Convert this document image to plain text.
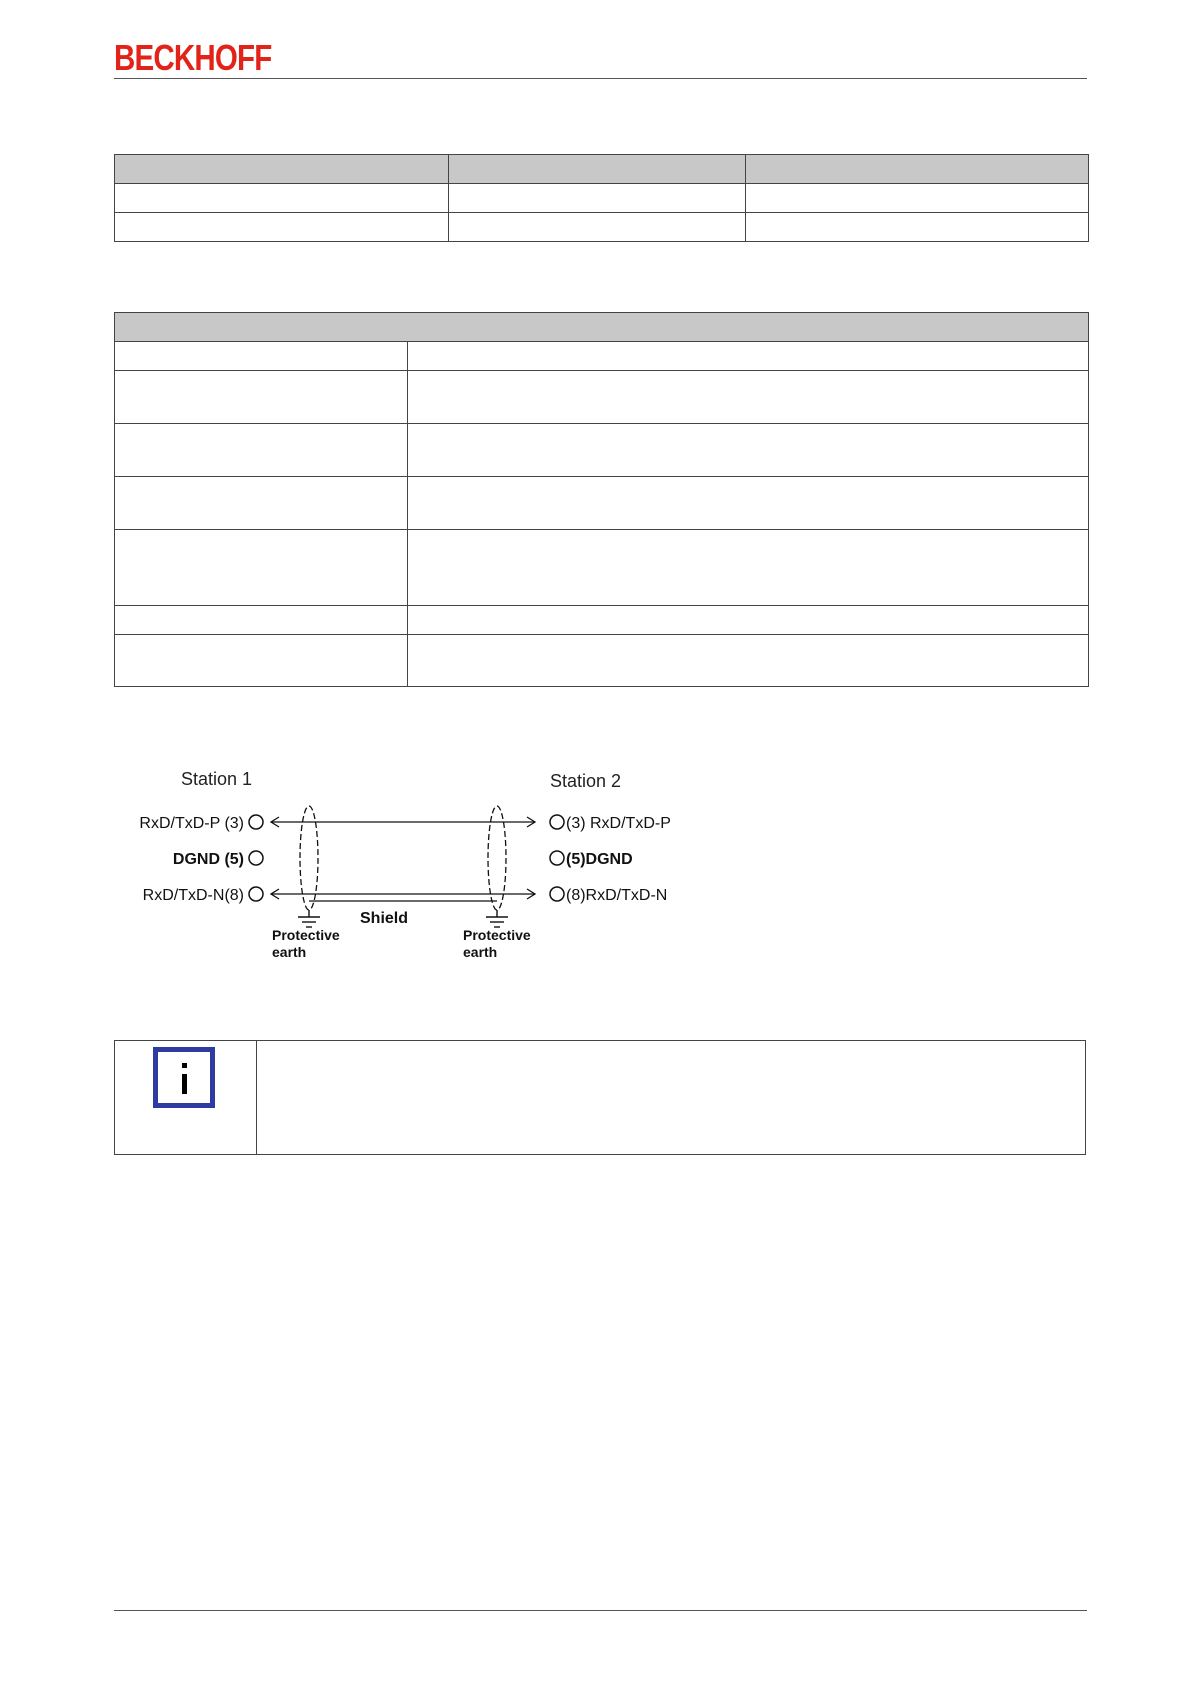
BECKHOFF

Station 1	Station 2
RxD/TxD-P (3)
DGND (5)
RxD/TxD-N(8)
(3) RxD/TxD-P
(5)DGND
(8)RxD/TxD-N
Shield
Protective
earth
Protective
earth
